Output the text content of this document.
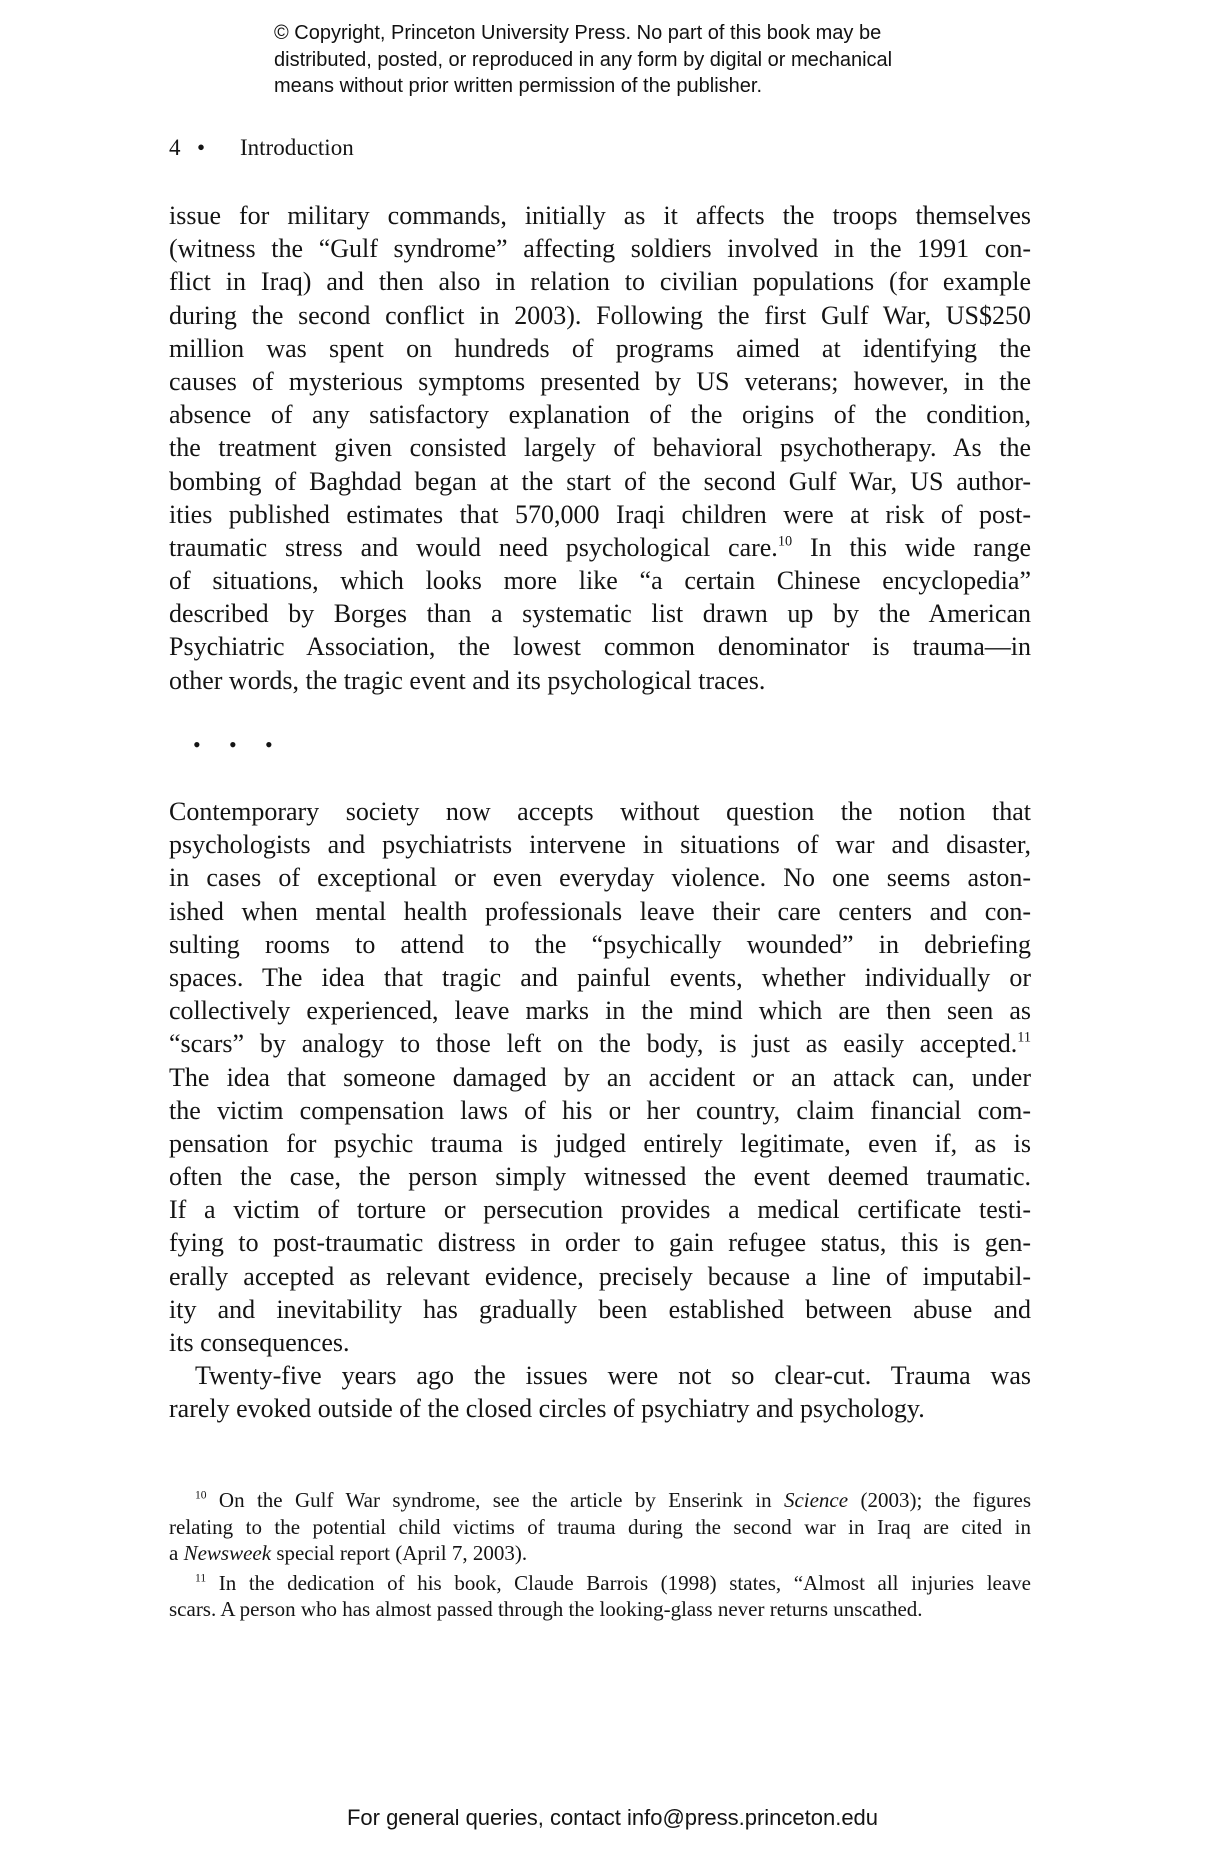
© Copyright, Princeton University Press. No part of this book may be
distributed, posted, or reproduced in any form by digital or mechanical
means without prior written permission of the publisher.
4 • Introduction
issue for military commands, initially as it affects the troops themselves
(witness the “Gulf syndrome” affecting soldiers involved in the 1991 con-
flict in Iraq) and then also in relation to civilian populations (for example
during the second conflict in 2003). Following the first Gulf War, US$250
million was spent on hundreds of programs aimed at identifying the
causes of mysterious symptoms presented by US veterans; however, in the
absence of any satisfactory explanation of the origins of the condition,
the treatment given consisted largely of behavioral psychotherapy. As the
bombing of Baghdad began at the start of the second Gulf War, US author-
ities published estimates that 570,000 Iraqi children were at risk of post-
traumatic stress and would need psychological care.$^{10}$ In this wide range
of situations, which looks more like “a certain Chinese encyclopedia”
described by Borges than a systematic list drawn up by the American
Psychiatric Association, the lowest common denominator is trauma—in
other words, the tragic event and its psychological traces.
• • •
Contemporary society now accepts without question the notion that
psychologists and psychiatrists intervene in situations of war and disaster,
in cases of exceptional or even everyday violence. No one seems aston-
ished when mental health professionals leave their care centers and con-
sulting rooms to attend to the “psychically wounded” in debriefing
spaces. The idea that tragic and painful events, whether individually or
collectively experienced, leave marks in the mind which are then seen as
“scars” by analogy to those left on the body, is just as easily accepted.$^{11}$
The idea that someone damaged by an accident or an attack can, under
the victim compensation laws of his or her country, claim financial com-
pensation for psychic trauma is judged entirely legitimate, even if, as is
often the case, the person simply witnessed the event deemed traumatic.
If a victim of torture or persecution provides a medical certificate testi-
fying to post-traumatic distress in order to gain refugee status, this is gen-
erally accepted as relevant evidence, precisely because a line of imputabil-
ity and inevitability has gradually been established between abuse and
its consequences.
Twenty-five years ago the issues were not so clear-cut. Trauma was
rarely evoked outside of the closed circles of psychiatry and psychology.
$^{10}$ On the Gulf War syndrome, see the article by Enserink in Science (2003); the figures
relating to the potential child victims of trauma during the second war in Iraq are cited in
a Newsweek special report (April 7, 2003).
$^{11}$ In the dedication of his book, Claude Barrois (1998) states, “Almost all injuries leave
scars. A person who has almost passed through the looking-glass never returns unscathed.
For general queries, contact info@press.princeton.edu
